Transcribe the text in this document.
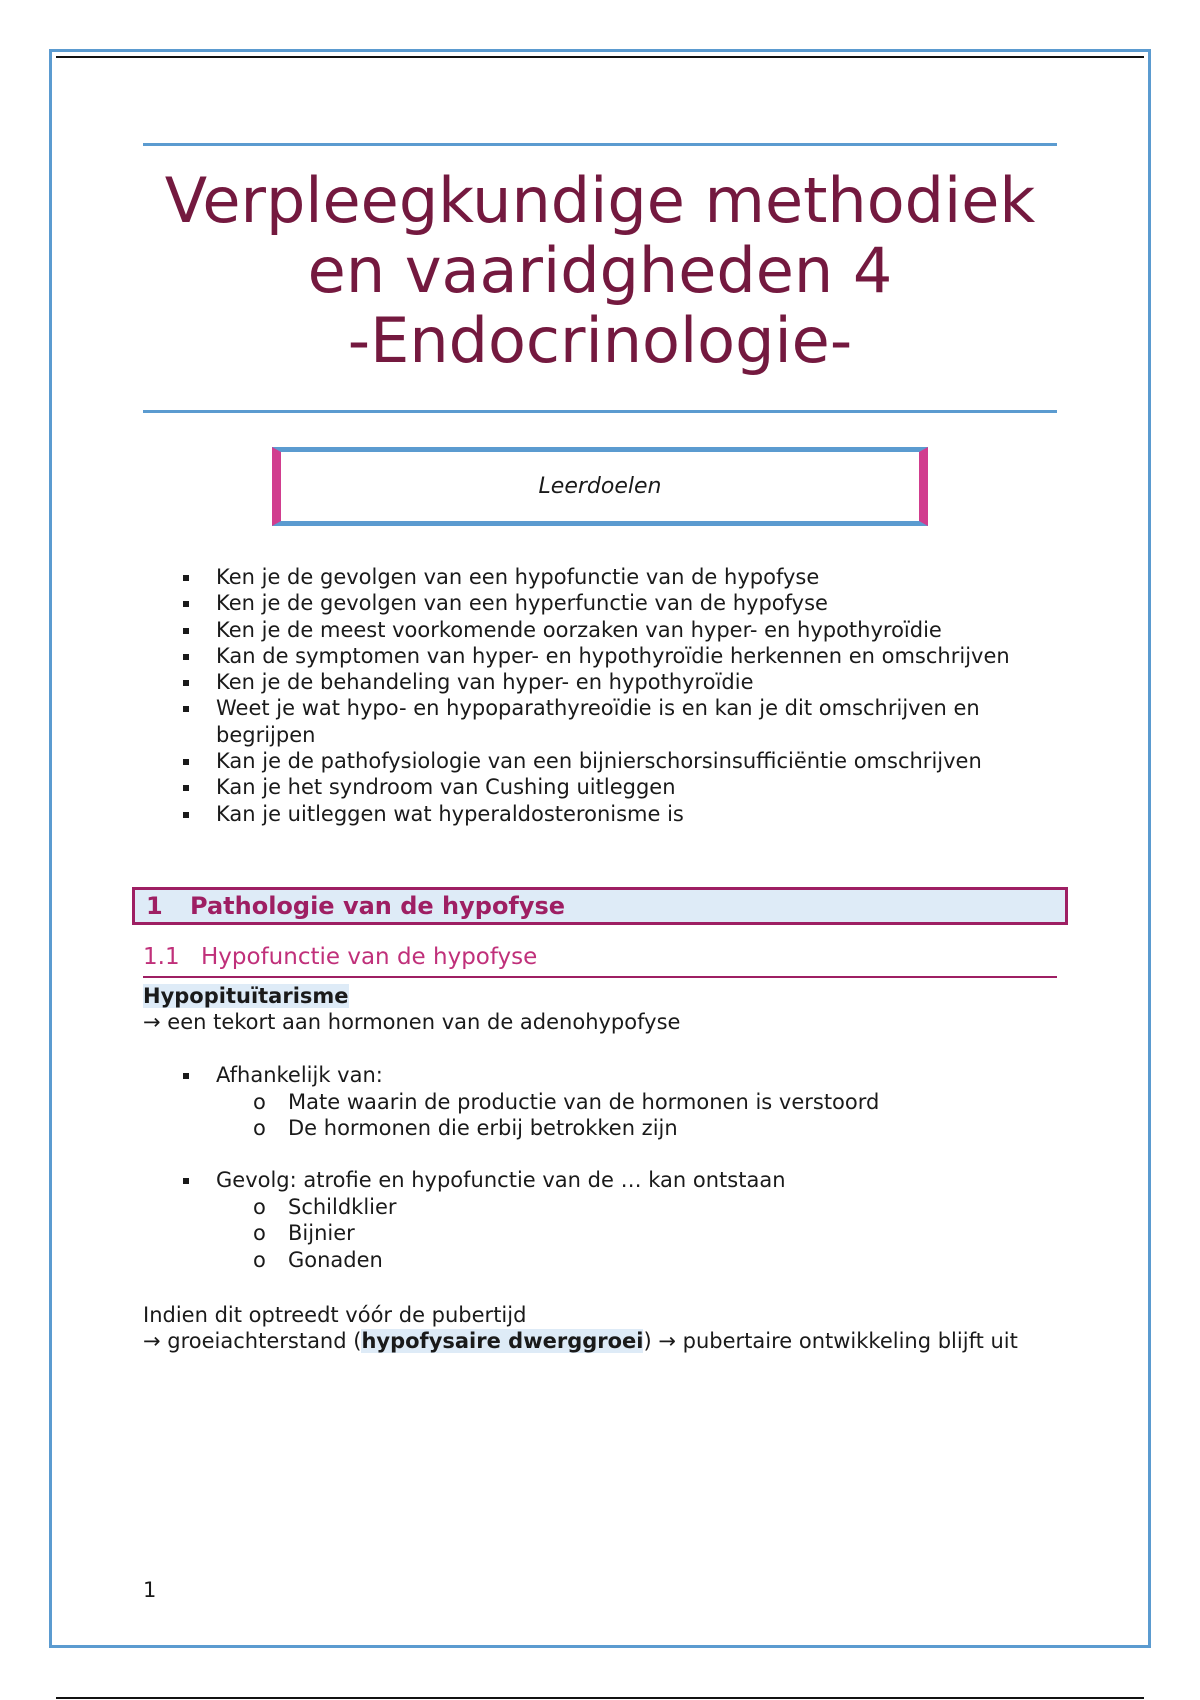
Verpleegkundige methodiek
en vaaridgheden 4
-Endocrinologie-
Leerdoelen
Ken je de gevolgen van een hypofunctie van de hypofyse
Ken je de gevolgen van een hyperfunctie van de hypofyse
Ken je de meest voorkomende oorzaken van hyper- en hypothyroïdie
Kan de symptomen van hyper- en hypothyroïdie herkennen en omschrijven
Ken je de behandeling van hyper- en hypothyroïdie
Weet je wat hypo- en hypoparathyreoïdie is en kan je dit omschrijven en begrijpen
Kan je de pathofysiologie van een bijnierschorsinsufficiëntie omschrijven
Kan je het syndroom van Cushing uitleggen
Kan je uitleggen wat hyperaldosteronisme is
1	Pathologie van de hypofyse
1.1 Hypofunctie van de hypofyse
Hypopituïtarisme
→ een tekort aan hormonen van de adenohypofyse
Afhankelijk van:
o Mate waarin de productie van de hormonen is verstoord
o De hormonen die erbij betrokken zijn
Gevolg: atrofie en hypofunctie van de … kan ontstaan
o Schildklier
o Bijnier
o Gonaden
Indien dit optreedt vóór de pubertijd
→ groeiachterstand (hypofysaire dwerggroei) → pubertaire ontwikkeling blijft uit
1
